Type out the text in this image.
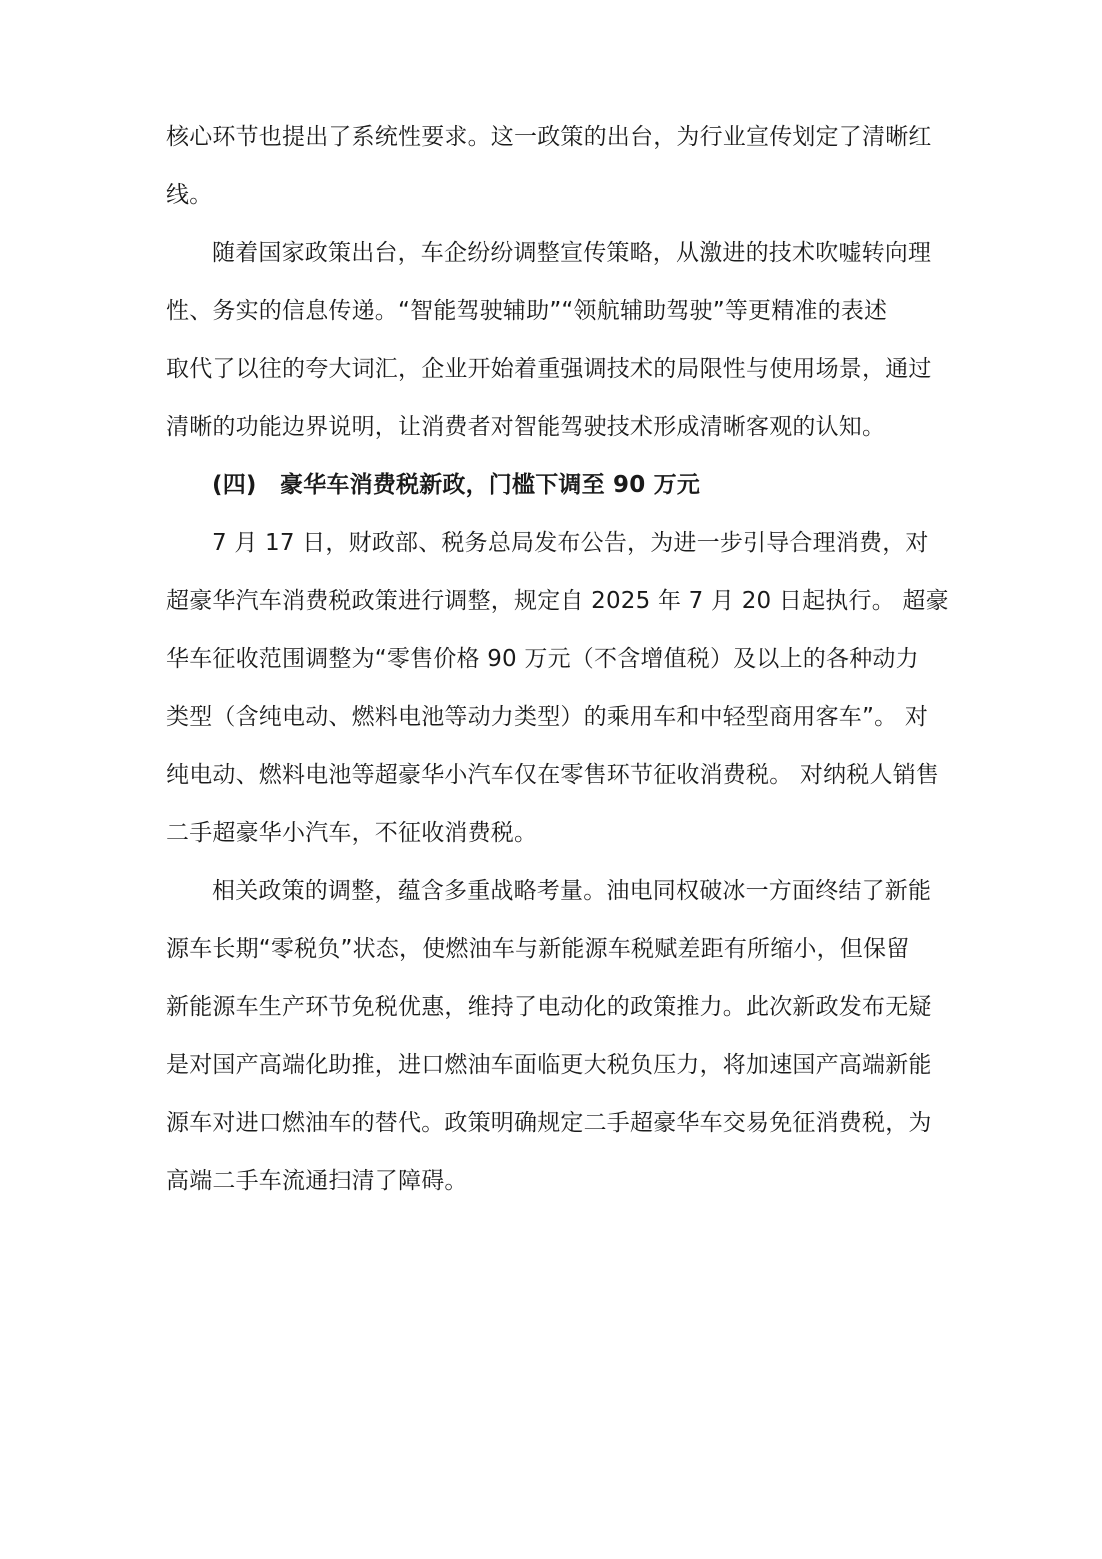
核心环节也提出了系统性要求。这一政策的出台，为行业宣传划定了清晰红
线。
随着国家政策出台，车企纷纷调整宣传策略，从激进的技术吹嘘转向理
性、务实的信息传递。“智能驾驶辅助”“领航辅助驾驶”等更精准的表述
取代了以往的夸大词汇，企业开始着重强调技术的局限性与使用场景，通过
清晰的功能边界说明，让消费者对智能驾驶技术形成清晰客观的认知。
(四) 豪华车消费税新政，门槛下调至 90 万元
7 月 17 日，财政部、税务总局发布公告，为进一步引导合理消费，对
超豪华汽车消费税政策进行调整，规定自 2025 年 7 月 20 日起执行。 超豪
华车征收范围调整为“零售价格 90 万元（不含增值税）及以上的各种动力
类型（含纯电动、燃料电池等动力类型）的乘用车和中轻型商用客车”。 对
纯电动、燃料电池等超豪华小汽车仅在零售环节征收消费税。 对纳税人销售
二手超豪华小汽车，不征收消费税。
相关政策的调整，蕴含多重战略考量。油电同权破冰一方面终结了新能
源车长期“零税负”状态，使燃油车与新能源车税赋差距有所缩小，但保留
新能源车生产环节免税优惠，维持了电动化的政策推力。此次新政发布无疑
是对国产高端化助推，进口燃油车面临更大税负压力，将加速国产高端新能
源车对进口燃油车的替代。政策明确规定二手超豪华车交易免征消费税，为
高端二手车流通扫清了障碍。
